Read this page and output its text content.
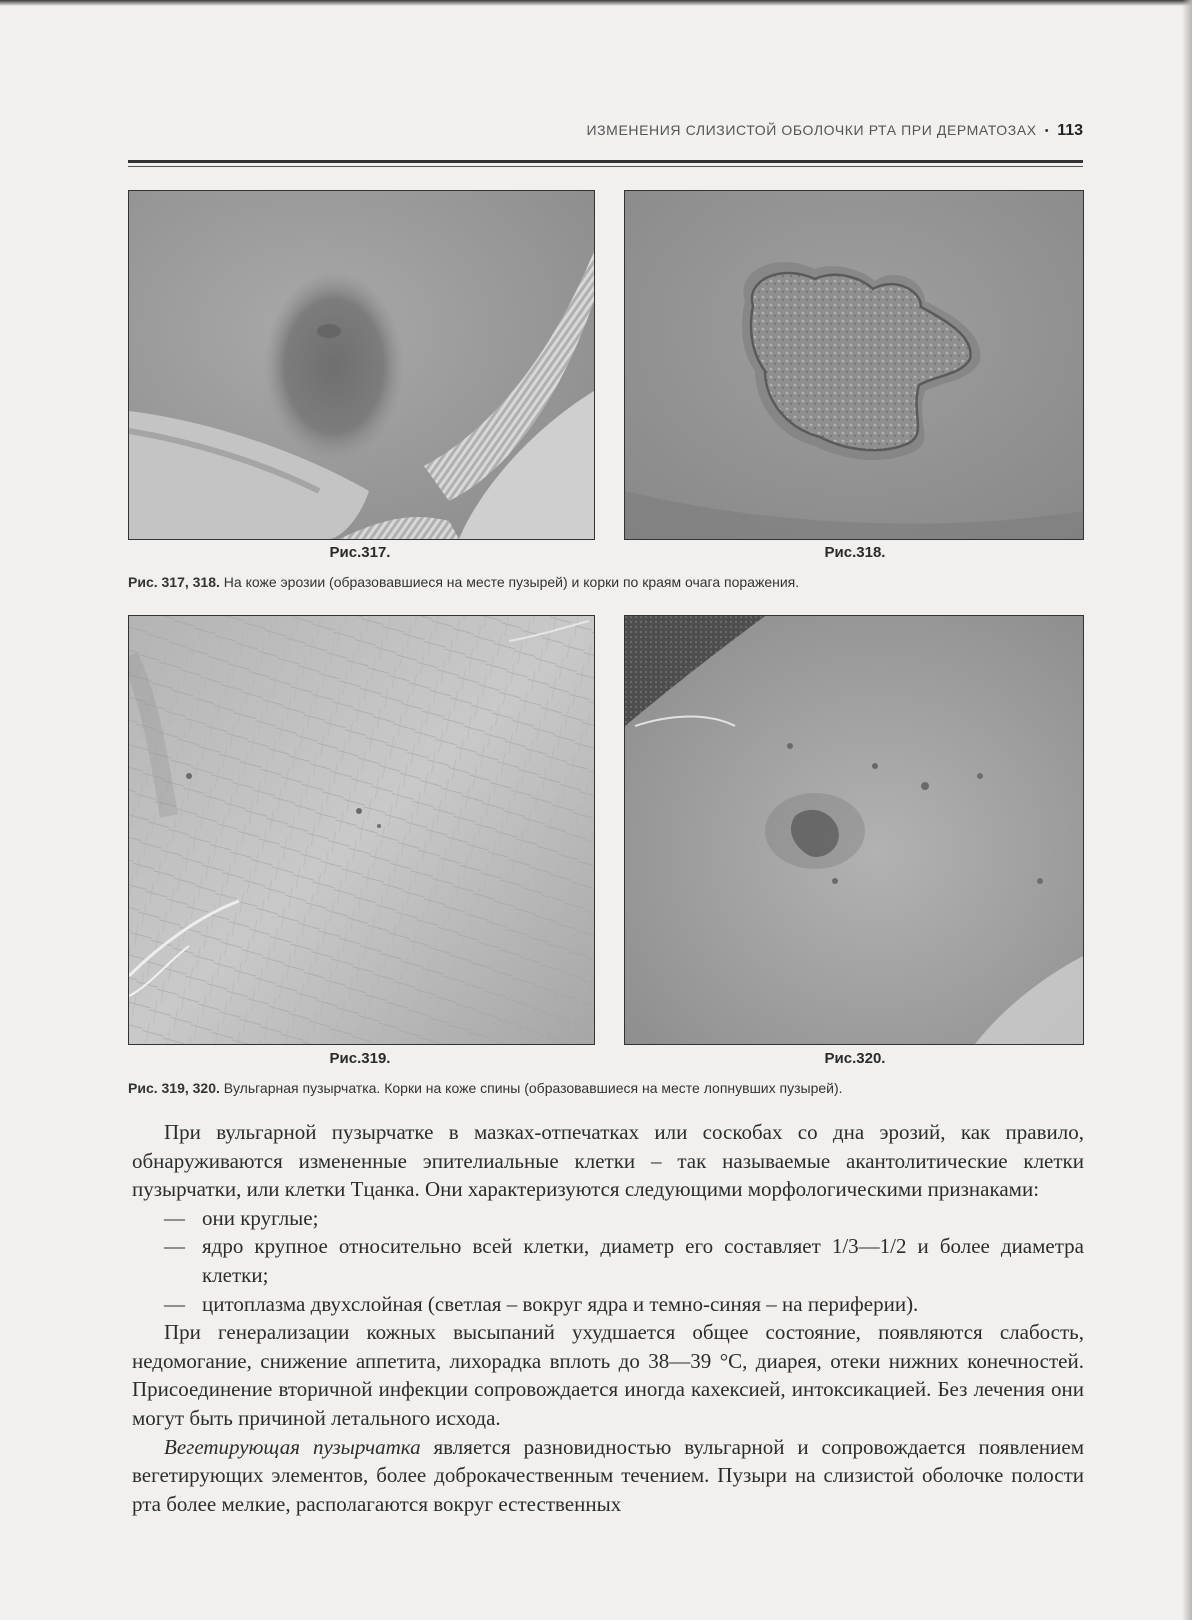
ИЗМЕНЕНИЯ СЛИЗИСТОЙ ОБОЛОЧКИ РТА ПРИ ДЕРМАТОЗАХ • 113
Рис.317.	Рис.318.
Рис. 317, 318. На коже эрозии (образовавшиеся на месте пузырей) и корки по краям очага поражения.
Рис.319.	Рис.320.
Рис. 319, 320. Вульгарная пузырчатка. Корки на коже спины (образовавшиеся на месте лопнувших пузырей).

При вульгарной пузырчатке в мазках-отпечатках или соскобах со дна эрозий, как правило, обнаруживаются измененные эпителиальные клетки – так называемые акантолитические клетки пузырчатки, или клетки Тцанка. Они характеризуются следующими морфологическими признаками:

— они круглые;

— ядро крупное относительно всей клетки, диаметр его составляет 1/3—1/2 и более диаметра клетки;

— цитоплазма двухслойная (светлая – вокруг ядра и темно-синяя – на периферии).

При генерализации кожных высыпаний ухудшается общее состояние, появляются слабость, недомогание, снижение аппетита, лихорадка вплоть до 38—39 °С, диарея, отеки нижних конечностей. Присоединение вторичной инфекции сопровождается иногда кахексией, интоксикацией. Без лечения они могут быть причиной летального исхода.

Вегетирующая пузырчатка является разновидностью вульгарной и сопровождается появлением вегетирующих элементов, более доброкачественным течением. Пузыри на слизистой оболочке полости рта более мелкие, располагаются вокруг естественных
